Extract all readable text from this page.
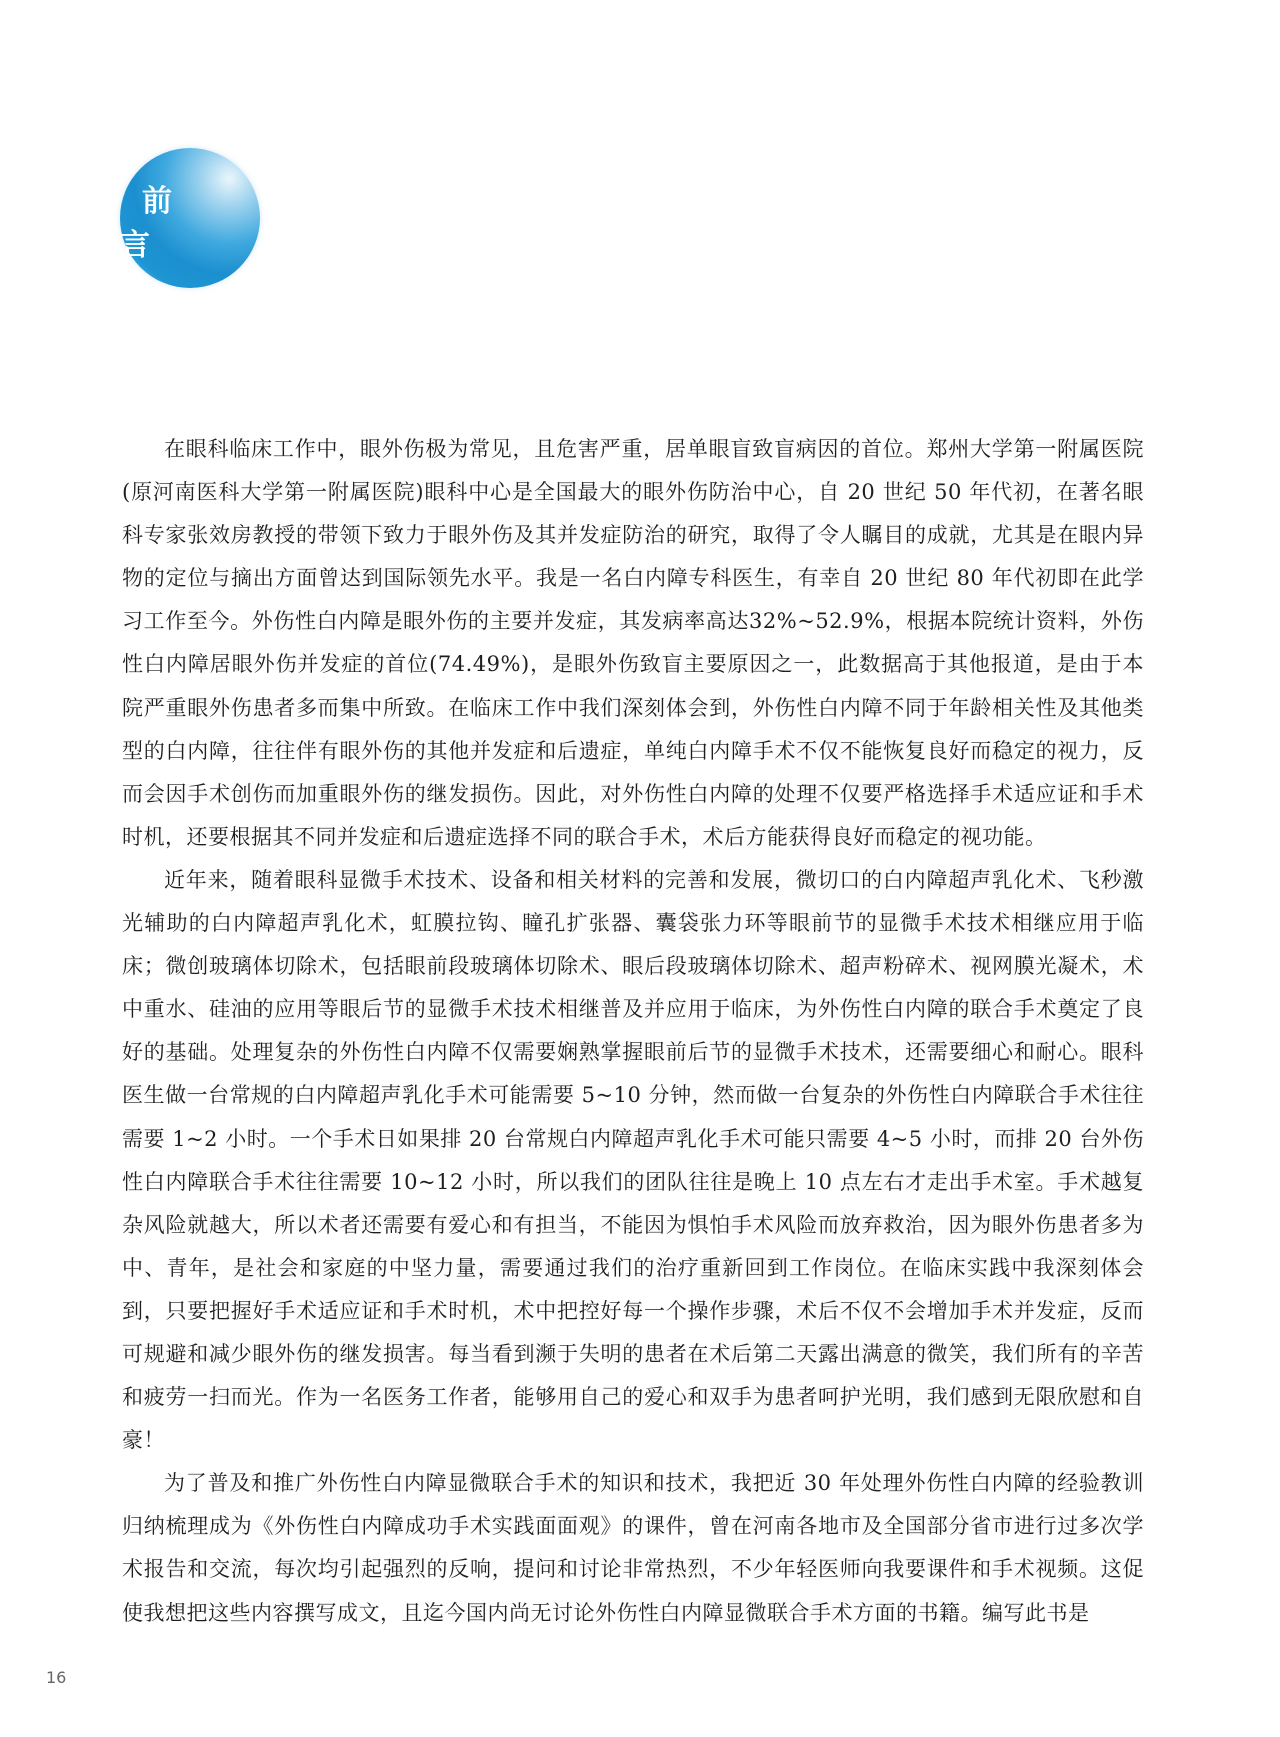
前 言

在眼科临床工作中，眼外伤极为常见，且危害严重，居单眼盲致盲病因的首位。郑州大学第一附属医院(原河南医科大学第一附属医院)眼科中心是全国最大的眼外伤防治中心，自 20 世纪 50 年代初，在著名眼科专家张效房教授的带领下致力于眼外伤及其并发症防治的研究，取得了令人瞩目的成就，尤其是在眼内异物的定位与摘出方面曾达到国际领先水平。我是一名白内障专科医生，有幸自 20 世纪 80 年代初即在此学习工作至今。外伤性白内障是眼外伤的主要并发症，其发病率高达32%~52.9%，根据本院统计资料，外伤性白内障居眼外伤并发症的首位(74.49%)，是眼外伤致盲主要原因之一，此数据高于其他报道，是由于本院严重眼外伤患者多而集中所致。在临床工作中我们深刻体会到，外伤性白内障不同于年龄相关性及其他类型的白内障，往往伴有眼外伤的其他并发症和后遗症，单纯白内障手术不仅不能恢复良好而稳定的视力，反而会因手术创伤而加重眼外伤的继发损伤。因此，对外伤性白内障的处理不仅要严格选择手术适应证和手术时机，还要根据其不同并发症和后遗症选择不同的联合手术，术后方能获得良好而稳定的视功能。

近年来，随着眼科显微手术技术、设备和相关材料的完善和发展，微切口的白内障超声乳化术、飞秒激光辅助的白内障超声乳化术，虹膜拉钩、瞳孔扩张器、囊袋张力环等眼前节的显微手术技术相继应用于临床；微创玻璃体切除术，包括眼前段玻璃体切除术、眼后段玻璃体切除术、超声粉碎术、视网膜光凝术，术中重水、硅油的应用等眼后节的显微手术技术相继普及并应用于临床，为外伤性白内障的联合手术奠定了良好的基础。处理复杂的外伤性白内障不仅需要娴熟掌握眼前后节的显微手术技术，还需要细心和耐心。眼科医生做一台常规的白内障超声乳化手术可能需要 5~10 分钟，然而做一台复杂的外伤性白内障联合手术往往需要 1~2 小时。一个手术日如果排 20 台常规白内障超声乳化手术可能只需要 4~5 小时，而排 20 台外伤性白内障联合手术往往需要 10~12 小时，所以我们的团队往往是晚上 10 点左右才走出手术室。手术越复杂风险就越大，所以术者还需要有爱心和有担当，不能因为惧怕手术风险而放弃救治，因为眼外伤患者多为中、青年，是社会和家庭的中坚力量，需要通过我们的治疗重新回到工作岗位。在临床实践中我深刻体会到，只要把握好手术适应证和手术时机，术中把控好每一个操作步骤，术后不仅不会增加手术并发症，反而可规避和减少眼外伤的继发损害。每当看到濒于失明的患者在术后第二天露出满意的微笑，我们所有的辛苦和疲劳一扫而光。作为一名医务工作者，能够用自己的爱心和双手为患者呵护光明，我们感到无限欣慰和自豪！

为了普及和推广外伤性白内障显微联合手术的知识和技术，我把近 30 年处理外伤性白内障的经验教训归纳梳理成为《外伤性白内障成功手术实践面面观》的课件，曾在河南各地市及全国部分省市进行过多次学术报告和交流，每次均引起强烈的反响，提问和讨论非常热烈，不少年轻医师向我要课件和手术视频。这促使我想把这些内容撰写成文，且迄今国内尚无讨论外伤性白内障显微联合手术方面的书籍。编写此书是

16
